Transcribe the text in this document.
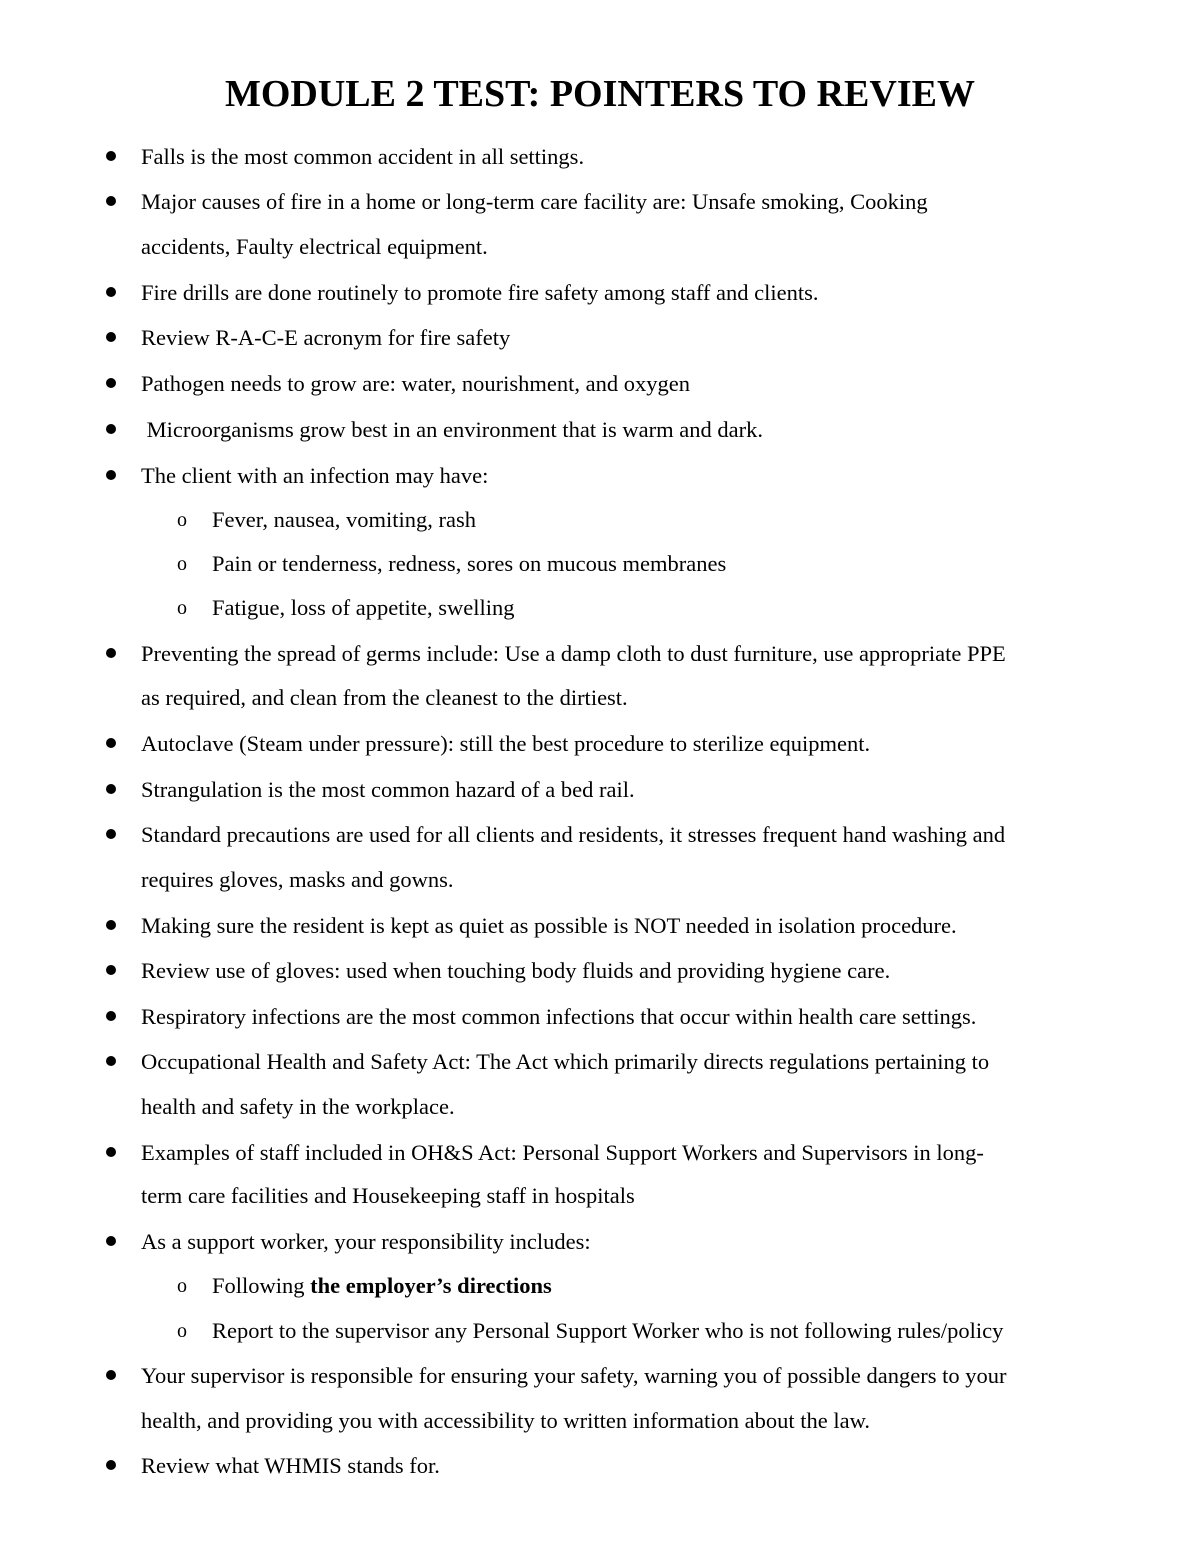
MODULE 2 TEST: POINTERS TO REVIEW
Falls is the most common accident in all settings.
Major causes of fire in a home or long-term care facility are: Unsafe smoking, Cooking
accidents, Faulty electrical equipment.
Fire drills are done routinely to promote fire safety among staff and clients.
Review R-A-C-E acronym for fire safety
Pathogen needs to grow are: water, nourishment, and oxygen
Microorganisms grow best in an environment that is warm and dark.
The client with an infection may have:
o Fever, nausea, vomiting, rash
o Pain or tenderness, redness, sores on mucous membranes
o Fatigue, loss of appetite, swelling
Preventing the spread of germs include: Use a damp cloth to dust furniture, use appropriate PPE
as required, and clean from the cleanest to the dirtiest.
Autoclave (Steam under pressure): still the best procedure to sterilize equipment.
Strangulation is the most common hazard of a bed rail.
Standard precautions are used for all clients and residents, it stresses frequent hand washing and
requires gloves, masks and gowns.
Making sure the resident is kept as quiet as possible is NOT needed in isolation procedure.
Review use of gloves: used when touching body fluids and providing hygiene care.
Respiratory infections are the most common infections that occur within health care settings.
Occupational Health and Safety Act: The Act which primarily directs regulations pertaining to
health and safety in the workplace.
Examples of staff included in OH&S Act: Personal Support Workers and Supervisors in long-
term care facilities and Housekeeping staff in hospitals
As a support worker, your responsibility includes:
o Following the employer’s directions
o Report to the supervisor any Personal Support Worker who is not following rules/policy
Your supervisor is responsible for ensuring your safety, warning you of possible dangers to your
health, and providing you with accessibility to written information about the law.
Review what WHMIS stands for.
